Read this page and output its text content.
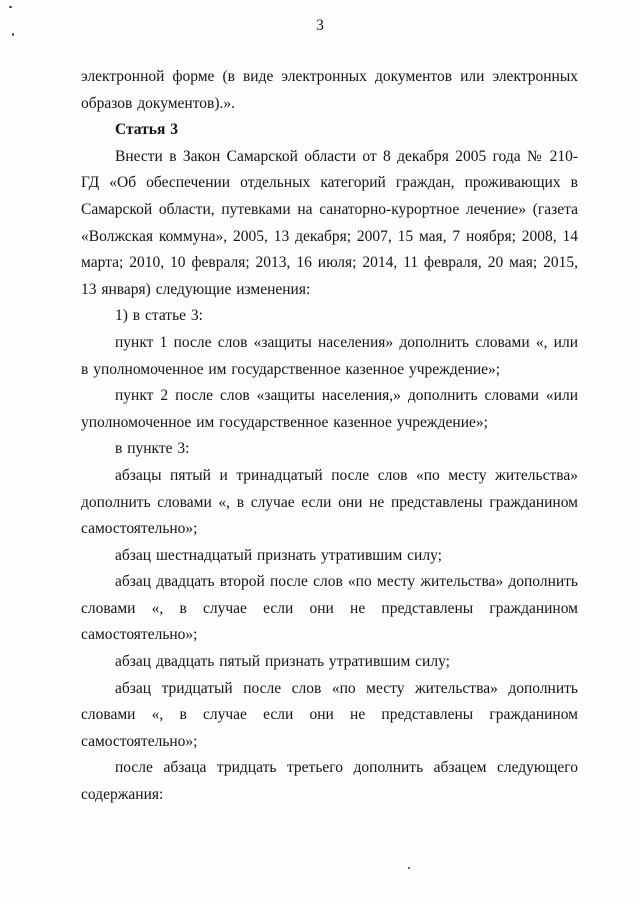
3

электронной форме (в виде электронных документов или электронных образов документов).».

Статья 3

Внести в Закон Самарской области от 8 декабря 2005 года № 210-ГД «Об обеспечении отдельных категорий граждан, проживающих в Самарской области, путевками на санаторно-курортное лечение» (газета «Волжская коммуна», 2005, 13 декабря; 2007, 15 мая, 7 ноября; 2008, 14 марта; 2010, 10 февраля; 2013, 16 июля; 2014, 11 февраля, 20 мая; 2015, 13 января) следующие изменения:

1) в статье 3:

пункт 1 после слов «защиты населения» дополнить словами «, или в уполномоченное им государственное казенное учреждение»;

пункт 2 после слов «защиты населения,» дополнить словами «или уполномоченное им государственное казенное учреждение»;

в пункте 3:

абзацы пятый и тринадцатый после слов «по месту жительства» дополнить словами «, в случае если они не представлены гражданином самостоятельно»;

абзац шестнадцатый признать утратившим силу;

абзац двадцать второй после слов «по месту жительства» дополнить словами «, в случае если они не представлены гражданином самостоятельно»;

абзац двадцать пятый признать утратившим силу;

абзац тридцатый после слов «по месту жительства» дополнить словами «, в случае если они не представлены гражданином самостоятельно»;

после абзаца тридцать третьего дополнить абзацем следующего содержания:
